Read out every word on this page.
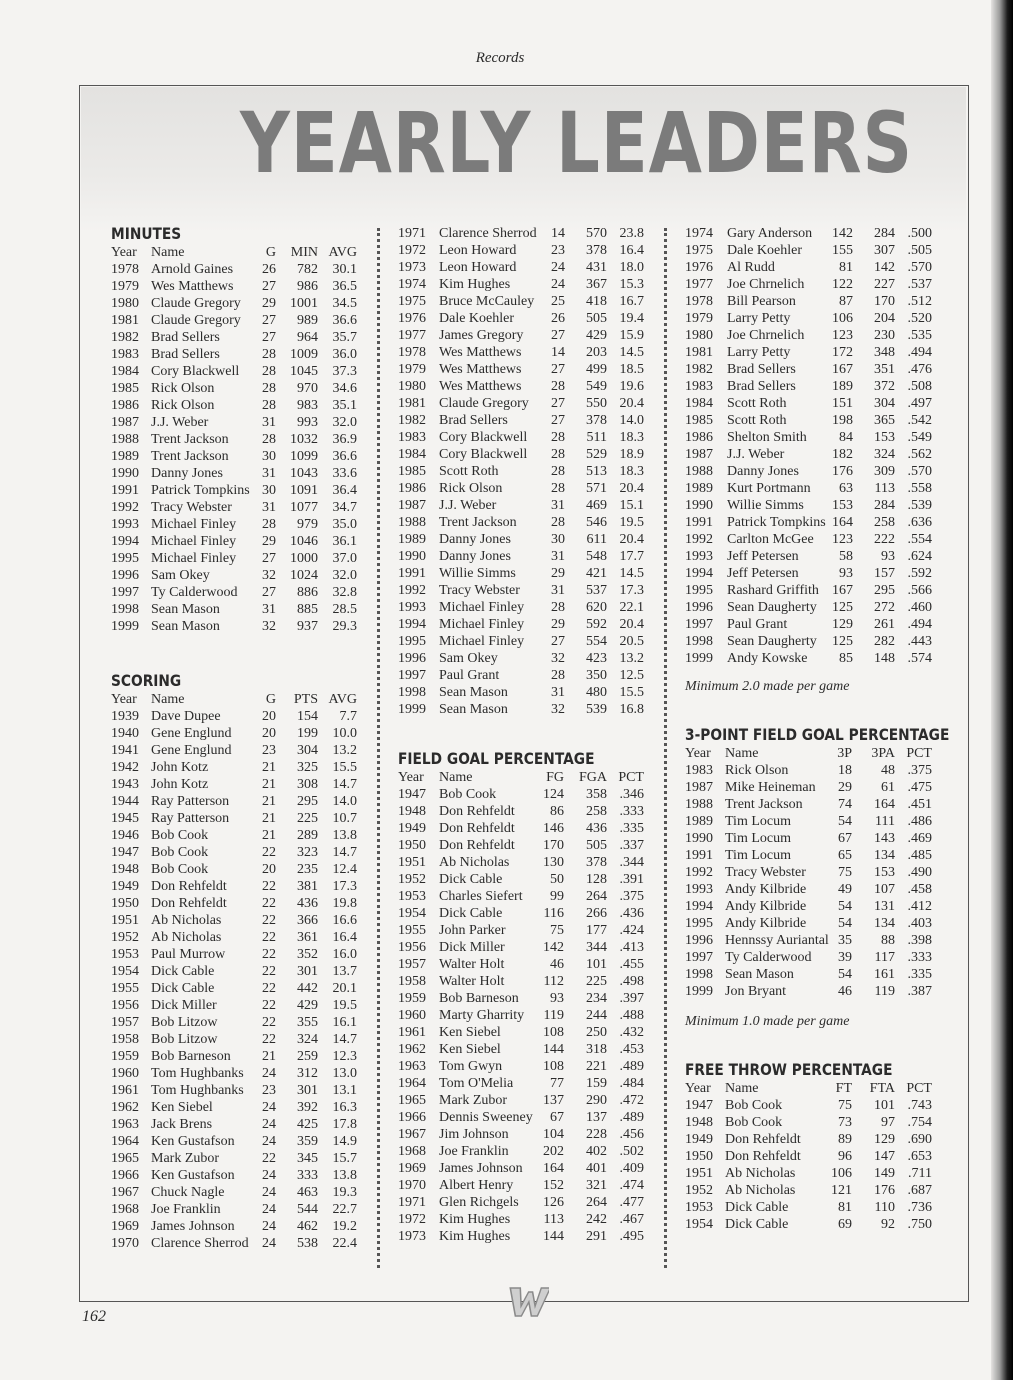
Records
YEARLY LEADERS
MINUTES
Year Name	G	MIN AVG
1978 Arnold Gaines	26	782	30.1
1979 Wes Matthews	27	986	36.5
1980 Claude Gregory	29	1001	34.5
1981 Claude Gregory	27	989	36.6
1982 Brad Sellers	27	964	35.7
1983 Brad Sellers	28	1009	36.0
1984 Cory Blackwell	28	1045	37.3
1985 Rick Olson	28	970	34.6
1986 Rick Olson	28	983	35.1
1987 J.J. Weber	31	993	32.0
1988 Trent Jackson	28	1032	36.9
1989 Trent Jackson	30	1099	36.6
1990 Danny Jones	31	1043	33.6
1991 Patrick Tompkins 30	1091	36.4
1992 Tracy Webster	31	1077	34.7
1993 Michael Finley	28	979	35.0
1994 Michael Finley	29	1046	36.1
1995 Michael Finley	27	1000	37.0
1996 Sam Okey	32	1024	32.0
1997 Ty Calderwood	27	886	32.8
1998 Sean Mason	31	885	28.5
1999 Sean Mason	32	937	29.3
SCORING
Year Name	G	PTS AVG
1939 Dave Dupee	20	154	7.7
1940 Gene Englund	20	199	10.0
1941 Gene Englund	23	304	13.2
1942 John Kotz	21	325	15.5
1943 John Kotz	21	308	14.7
1944 Ray Patterson	21	295	14.0
1945 Ray Patterson	21	225	10.7
1946 Bob Cook	21	289	13.8
1947 Bob Cook	22	323	14.7
1948 Bob Cook	20	235	12.4
1949 Don Rehfeldt	22	381	17.3
1950 Don Rehfeldt	22	436	19.8
1951 Ab Nicholas	22	366	16.6
1952 Ab Nicholas	22	361	16.4
1953 Paul Murrow	22	352	16.0
1954 Dick Cable	22	301	13.7
1955 Dick Cable	22	442	20.1
1956 Dick Miller	22	429	19.5
1957 Bob Litzow	22	355	16.1
1958 Bob Litzow	22	324	14.7
1959 Bob Barneson	21	259	12.3
1960 Tom Hughbanks	24	312	13.0
1961 Tom Hughbanks	23	301	13.1
1962 Ken Siebel	24	392	16.3
1963 Jack Brens	24	425	17.8
1964 Ken Gustafson	24	359	14.9
1965 Mark Zubor	22	345	15.7
1966 Ken Gustafson	24	333	13.8
1967 Chuck Nagle	24	463	19.3
1968 Joe Franklin	24	544	22.7
1969 James Johnson	24	462	19.2
1970 Clarence Sherrod 24	538	22.4
1971 Clarence Sherrod	14	570 23.8
1972 Leon Howard	23	378 16.4
1973 Leon Howard	24	431 18.0
1974 Kim Hughes	24	367 15.3
1975 Bruce McCauley	25	418 16.7
1976 Dale Koehler	26	505 19.4
1977 James Gregory	27	429 15.9
1978 Wes Matthews	14	203 14.5
1979 Wes Matthews	27	499 18.5
1980 Wes Matthews	28	549 19.6
1981 Claude Gregory	27	550 20.4
1982 Brad Sellers	27	378 14.0
1983 Cory Blackwell	28	511 18.3
1984 Cory Blackwell	28	529 18.9
1985 Scott Roth	28	513 18.3
1986 Rick Olson	28	571 20.4
1987 J.J. Weber	31	469 15.1
1988 Trent Jackson	28	546 19.5
1989 Danny Jones	30	611 20.4
1990 Danny Jones	31	548 17.7
1991 Willie Simms	29	421 14.5
1992 Tracy Webster	31	537 17.3
1993 Michael Finley	28	620 22.1
1994 Michael Finley	29	592 20.4
1995 Michael Finley	27	554 20.5
1996 Sam Okey	32	423 13.2
1997 Paul Grant	28	350 12.5
1998 Sean Mason	31	480 15.5
1999 Sean Mason	32	539 16.8
FIELD GOAL PERCENTAGE
Year Name	FG	FGA PCT
1947 Bob Cook	124	358 .346
1948 Don Rehfeldt	86	258 .333
1949 Don Rehfeldt	146	436 .335
1950 Don Rehfeldt	170	505 .337
1951 Ab Nicholas	130	378 .344
1952 Dick Cable	50	128 .391
1953 Charles Siefert	99	264 .375
1954 Dick Cable	116	266 .436
1955 John Parker	75	177 .424
1956 Dick Miller	142	344 .413
1957 Walter Holt	46	101 .455
1958 Walter Holt	112	225 .498
1959 Bob Barneson	93	234 .397
1960 Marty Gharrity	119	244 .488
1961 Ken Siebel	108	250 .432
1962 Ken Siebel	144	318 .453
1963 Tom Gwyn	108	221 .489
1964 Tom O'Melia	77	159 .484
1965 Mark Zubor	137	290 .472
1966 Dennis Sweeney	67	137 .489
1967 Jim Johnson	104	228 .456
1968 Joe Franklin	202	402 .502
1969 James Johnson	164	401 .409
1970 Albert Henry	152	321 .474
1971 Glen Richgels	126	264 .477
1972 Kim Hughes	113	242 .467
1973 Kim Hughes	144	291 .495
1974 Gary Anderson	142	284 .500
1975 Dale Koehler	155	307 .505
1976 Al Rudd	81	142 .570
1977 Joe Chrnelich	122	227 .537
1978 Bill Pearson	87	170 .512
1979 Larry Petty	106	204 .520
1980 Joe Chrnelich	123	230 .535
1981 Larry Petty	172	348 .494
1982 Brad Sellers	167	351 .476
1983 Brad Sellers	189	372 .508
1984 Scott Roth	151	304 .497
1985 Scott Roth	198	365 .542
1986 Shelton Smith	84	153 .549
1987 J.J. Weber	182	324 .562
1988 Danny Jones	176	309 .570
1989 Kurt Portmann	63	113 .558
1990 Willie Simms	153	284 .539
1991 Patrick Tompkins 164	258 .636
1992 Carlton McGee	123	222 .554
1993 Jeff Petersen	58	93 .624
1994 Jeff Petersen	93	157 .592
1995 Rashard Griffith 167	295 .566
1996 Sean Daugherty	125	272 .460
1997 Paul Grant	129	261 .494
1998 Sean Daugherty	125	282 .443
1999 Andy Kowske	85	148 .574
Minimum 2.0 made per game
3-POINT FIELD GOAL PERCENTAGE
Year Name	3P	3PA PCT
1983 Rick Olson	18	48 .375
1987 Mike Heineman	29	61 .475
1988 Trent Jackson	74	164 .451
1989 Tim Locum	54	111 .486
1990 Tim Locum	67	143 .469
1991 Tim Locum	65	134 .485
1992 Tracy Webster	75	153 .490
1993 Andy Kilbride	49	107 .458
1994 Andy Kilbride	54	131 .412
1995 Andy Kilbride	54	134 .403
1996 Hennssy Auriantal 35	88 .398
1997 Ty Calderwood	39	117 .333
1998 Sean Mason	54	161 .335
1999 Jon Bryant	46	119 .387
Minimum 1.0 made per game
FREE THROW PERCENTAGE
Year Name	FT	FTA PCT
1947 Bob Cook	75	101 .743
1948 Bob Cook	73	97 .754
1949 Don Rehfeldt	89	129 .690
1950 Don Rehfeldt	96	147 .653
1951 Ab Nicholas	106	149 .711
1952 Ab Nicholas	121	176 .687
1953 Dick Cable	81	110 .736
1954 Dick Cable	69	92 .750
162
